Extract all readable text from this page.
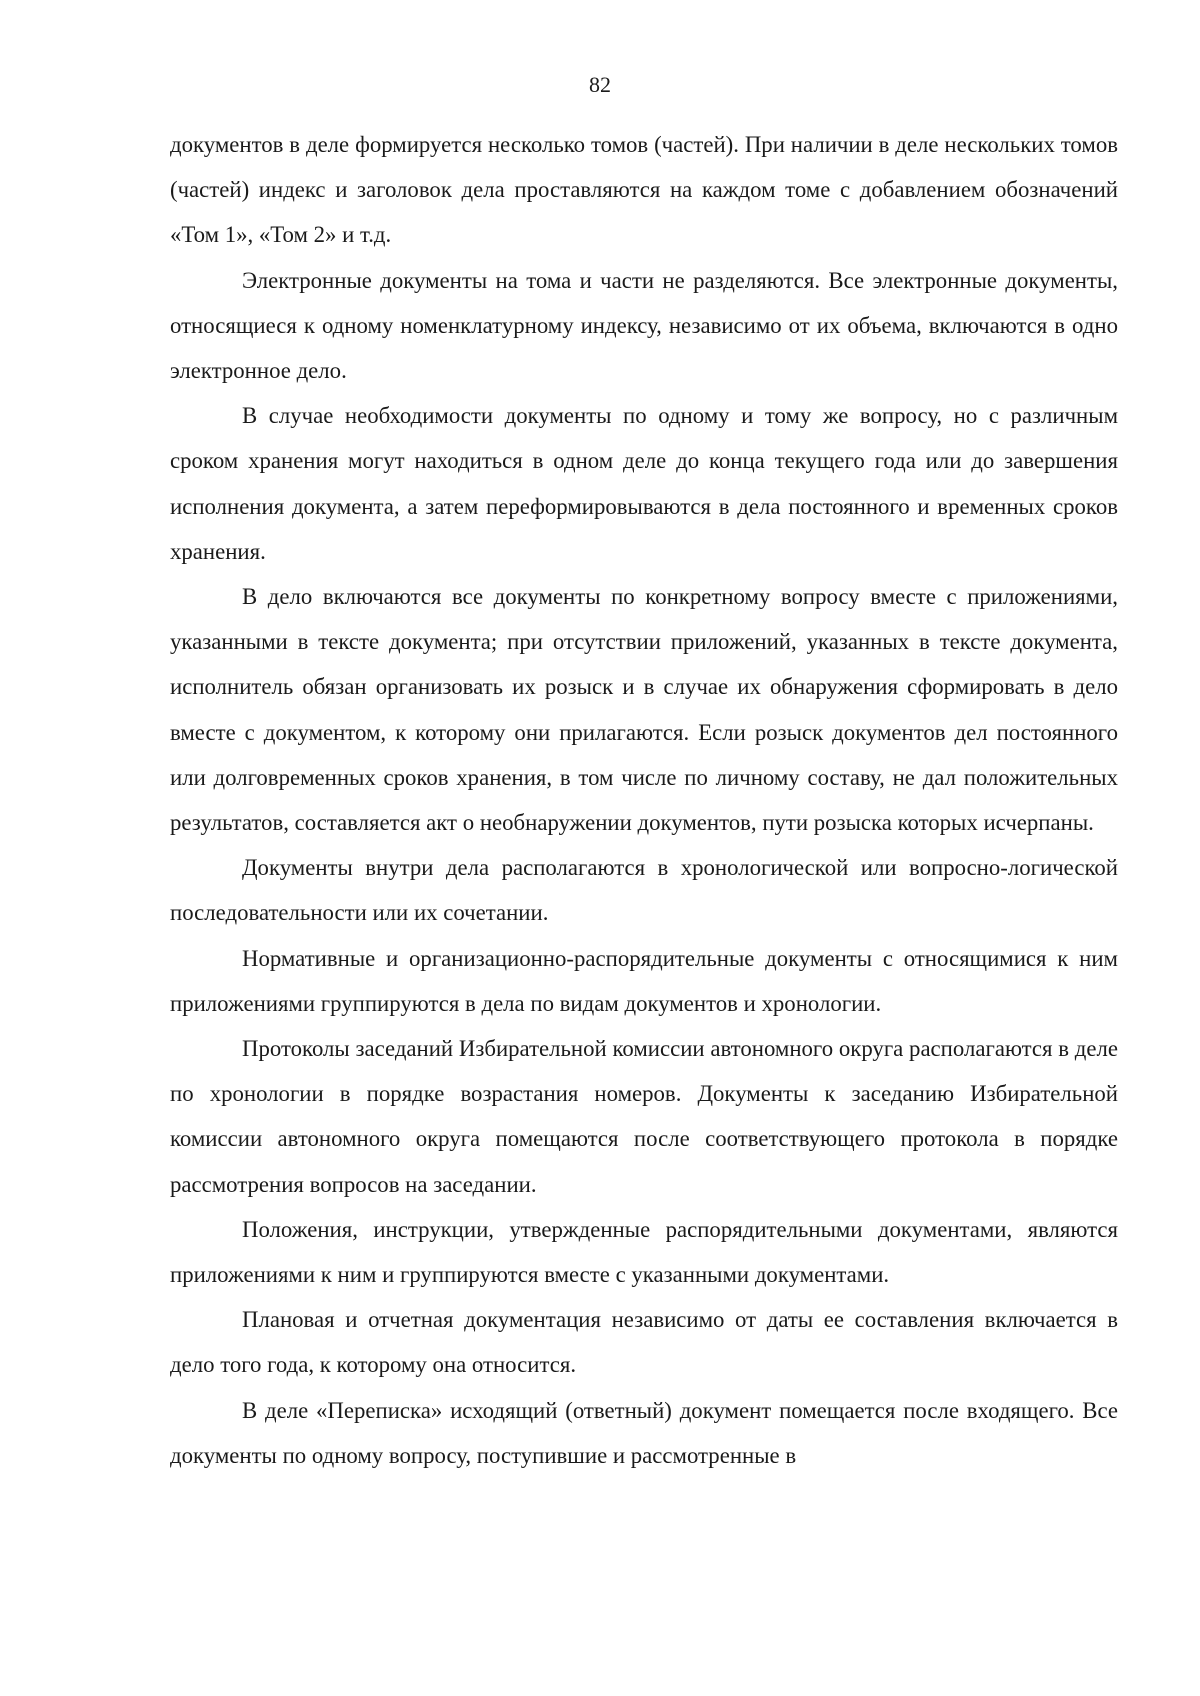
82

документов в деле формируется несколько томов (частей). При наличии в деле нескольких томов (частей) индекс и заголовок дела проставляются на каждом томе с добавлением обозначений «Том 1», «Том 2» и т.д.

Электронные документы на тома и части не разделяются. Все электронные документы, относящиеся к одному номенклатурному индексу, независимо от их объема, включаются в одно электронное дело.

В случае необходимости документы по одному и тому же вопросу, но с различным сроком хранения могут находиться в одном деле до конца текущего года или до завершения исполнения документа, а затем переформировываются в дела постоянного и временных сроков хранения.

В дело включаются все документы по конкретному вопросу вместе с приложениями, указанными в тексте документа; при отсутствии приложений, указанных в тексте документа, исполнитель обязан организовать их розыск и в случае их обнаружения сформировать в дело вместе с документом, к которому они прилагаются. Если розыск документов дел постоянного или долговременных сроков хранения, в том числе по личному составу, не дал положительных результатов, составляется акт о необнаружении документов, пути розыска которых исчерпаны.

Документы внутри дела располагаются в хронологической или вопросно-логической последовательности или их сочетании.

Нормативные и организационно-распорядительные документы с относящимися к ним приложениями группируются в дела по видам документов и хронологии.

Протоколы заседаний Избирательной комиссии автономного округа располагаются в деле по хронологии в порядке возрастания номеров. Документы к заседанию Избирательной комиссии автономного округа помещаются после соответствующего протокола в порядке рассмотрения вопросов на заседании.

Положения, инструкции, утвержденные распорядительными документами, являются приложениями к ним и группируются вместе с указанными документами.

Плановая и отчетная документация независимо от даты ее составления включается в дело того года, к которому она относится.

В деле «Переписка» исходящий (ответный) документ помещается после входящего. Все документы по одному вопросу, поступившие и рассмотренные в
